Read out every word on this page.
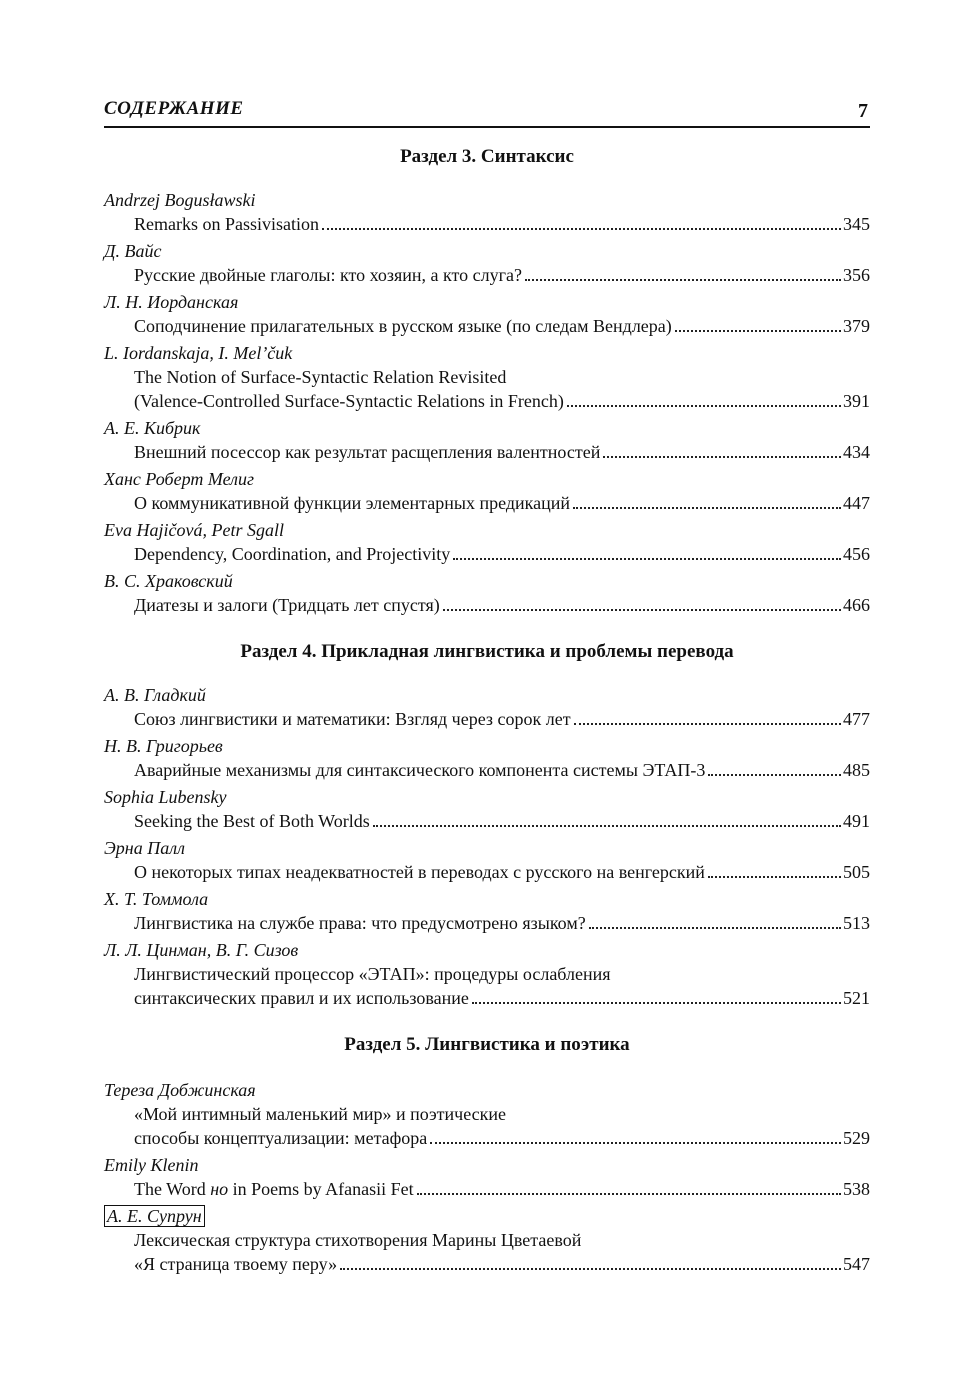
СОДЕРЖАНИЕ	7
Раздел 3. Синтаксис
Andrzej Bogusławski
Remarks on Passivisation	345
Д. Вайс
Русские двойные глаголы: кто хозяин, а кто слуга?	356
Л. Н. Иорданская
Соподчинение прилагательных в русском языке (по следам Вендлера)	379
L. Iordanskaja, I. Mel’čuk
The Notion of Surface-Syntactic Relation Revisited
(Valence-Controlled Surface-Syntactic Relations in French)	391
А. Е. Кибрик
Внешний посессор как результат расщепления валентностей	434
Ханс Роберт Мелиг
О коммуникативной функции элементарных предикаций	447
Eva Hajičová, Petr Sgall
Dependency, Coordination, and Projectivity	456
В. С. Храковский
Диатезы и залоги (Тридцать лет спустя)	466
Раздел 4. Прикладная лингвистика и проблемы перевода
А. В. Гладкий
Союз лингвистики и математики: Взгляд через сорок лет	477
Н. В. Григорьев
Аварийные механизмы для синтаксического компонента системы ЭТАП-3	485
Sophia Lubensky
Seeking the Best of Both Worlds	491
Эрна Палл
О некоторых типах неадекватностей в переводах с русского на венгерский	505
Х. Т. Томмола
Лингвистика на службе права: что предусмотрено языком?	513
Л. Л. Цинман, В. Г. Сизов
Лингвистический процессор «ЭТАП»: процедуры ослабления
синтаксических правил и их использование	521
Раздел 5. Лингвистика и поэтика
Тереза Добжинская
«Мой интимный маленький мир» и поэтические
способы концептуализации: метафора	529
Emily Klenin
The Word но in Poems by Afanasii Fet	538
А. Е. Супрун
Лексическая структура стихотворения Марины Цветаевой
«Я страница твоему перу»	547
